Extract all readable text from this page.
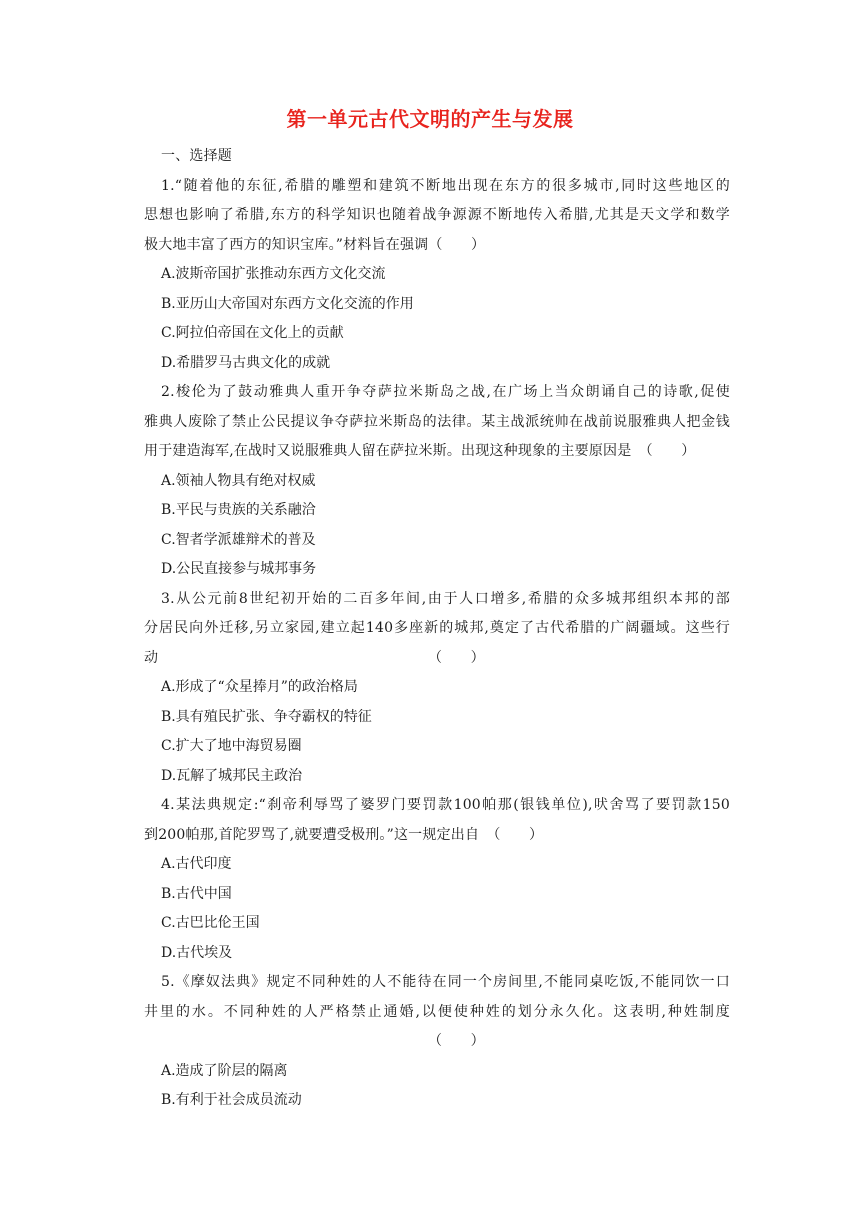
第一单元古代文明的产生与发展
一、选择题
1.“随着他的东征,希腊的雕塑和建筑不断地出现在东方的很多城市,同时这些地区的
思想也影响了希腊,东方的科学知识也随着战争源源不断地传入希腊,尤其是天文学和数学
极大地丰富了西方的知识宝库。”材料旨在强调（　　）
A.波斯帝国扩张推动东西方文化交流
B.亚历山大帝国对东西方文化交流的作用
C.阿拉伯帝国在文化上的贡献
D.希腊罗马古典文化的成就
2.梭伦为了鼓动雅典人重开争夺萨拉米斯岛之战,在广场上当众朗诵自己的诗歌,促使
雅典人废除了禁止公民提议争夺萨拉米斯岛的法律。某主战派统帅在战前说服雅典人把金钱
用于建造海军,在战时又说服雅典人留在萨拉米斯。出现这种现象的主要原因是　（　　）
A.领袖人物具有绝对权威
B.平民与贵族的关系融洽
C.智者学派雄辩术的普及
D.公民直接参与城邦事务
3.从公元前8世纪初开始的二百多年间,由于人口增多,希腊的众多城邦组织本邦的部
分居民向外迁移,另立家园,建立起140多座新的城邦,奠定了古代希腊的广阔疆域。这些行
动	（　　）
A.形成了“众星捧月”的政治格局
B.具有殖民扩张、争夺霸权的特征
C.扩大了地中海贸易圈
D.瓦解了城邦民主政治
4.某法典规定:“刹帝利辱骂了婆罗门要罚款100帕那(银钱单位),吠舍骂了要罚款150
到200帕那,首陀罗骂了,就要遭受极刑。”这一规定出自　（　　）
A.古代印度
B.古代中国
C.古巴比伦王国
D.古代埃及
5.《摩奴法典》规定不同种姓的人不能待在同一个房间里,不能同桌吃饭,不能同饮一口
井里的水。不同种姓的人严格禁止通婚,以便使种姓的划分永久化。这表明,种姓制度
（　　）
A.造成了阶层的隔离
B.有利于社会成员流动
